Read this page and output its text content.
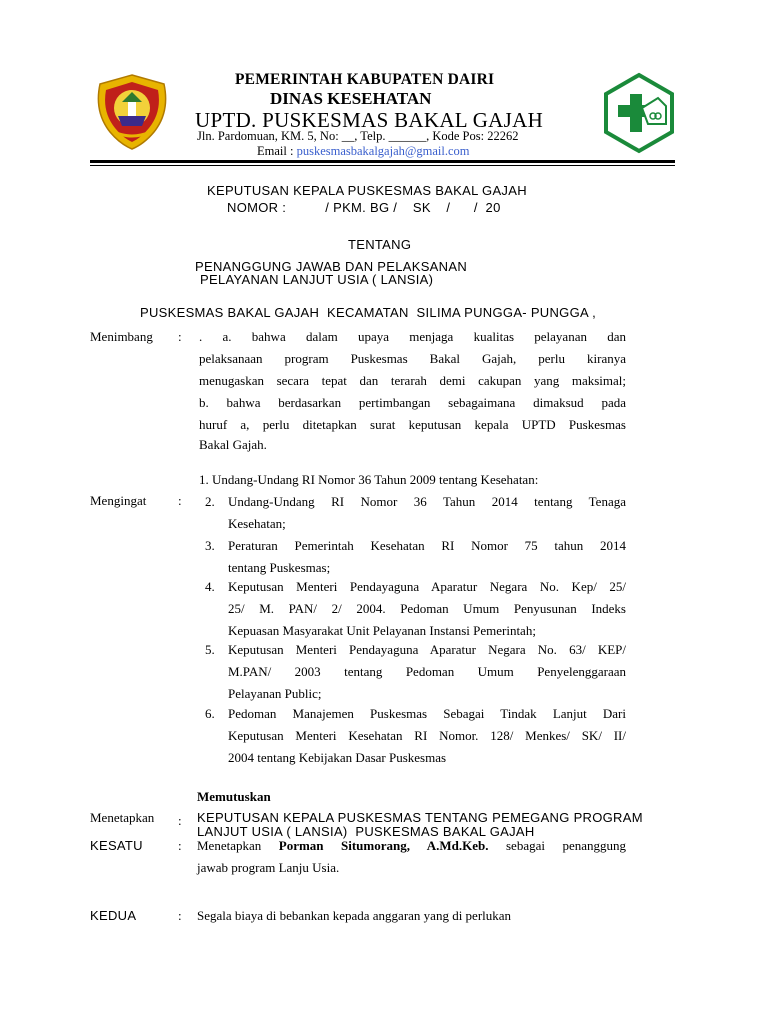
PEMERINTAH KABUPATEN DAIRI
DINAS KESEHATAN
UPTD. PUSKESMAS BAKAL GAJAH
Jln. Pardomuan, KM. 5, No: __, Telp. ______, Kode Pos: 22262
Email : puskesmasbakalgajah@gmail.com
KEPUTUSAN KEPALA PUSKESMAS BAKAL GAJAH
NOMOR :          / PKM. BG /    SK    /      /  20
TENTANG
PENANGGUNG JAWAB DAN PELAKSANAN
PELAYANAN LANJUT USIA ( LANSIA)
PUSKESMAS BAKAL GAJAH  KECAMATAN  SILIMA PUNGGA- PUNGGA ,
Menimbang : . a. bahwa dalam upaya menjaga kualitas pelayanan dan
pelaksanaan program Puskesmas Bakal Gajah, perlu kiranya
menugaskan secara tepat dan terarah demi cakupan yang maksimal;
b. bahwa berdasarkan pertimbangan sebagaimana dimaksud pada
huruf a, perlu ditetapkan surat keputusan kepala UPTD Puskesmas
Bakal Gajah.
1. Undang-Undang RI Nomor 36 Tahun 2009 tentang Kesehatan:
Mengingat : 2. Undang-Undang RI Nomor 36 Tahun 2014 tentang Tenaga
Kesehatan;
3. Peraturan Pemerintah Kesehatan RI Nomor 75 tahun 2014
tentang Puskesmas;
4. Keputusan Menteri Pendayaguna Aparatur Negara No. Kep/ 25/
25/ M. PAN/ 2/ 2004. Pedoman Umum Penyusunan Indeks
Kepuasan Masyarakat Unit Pelayanan Instansi Pemerintah;
5. Keputusan Menteri Pendayaguna Aparatur Negara No. 63/ KEP/
M.PAN/ 2003 tentang Pedoman Umum Penyelenggaraan
Pelayanan Public;
6. Pedoman Manajemen Puskesmas Sebagai Tindak Lanjut Dari
Keputusan Menteri Kesehatan RI Nomor. 128/ Menkes/ SK/ II/
2004 tentang Kebijakan Dasar Puskesmas
Memutuskan
Menetapkan : KEPUTUSAN KEPALA PUSKESMAS TENTANG PEMEGANG PROGRAM
LANJUT USIA ( LANSIA)  PUSKESMAS BAKAL GAJAH
KESATU	: Menetapkan Porman Situmorang, A.Md.Keb. sebagai penanggung
jawab program Lanju Usia.
KEDUA	: Segala biaya di bebankan kepada anggaran yang di perlukan
